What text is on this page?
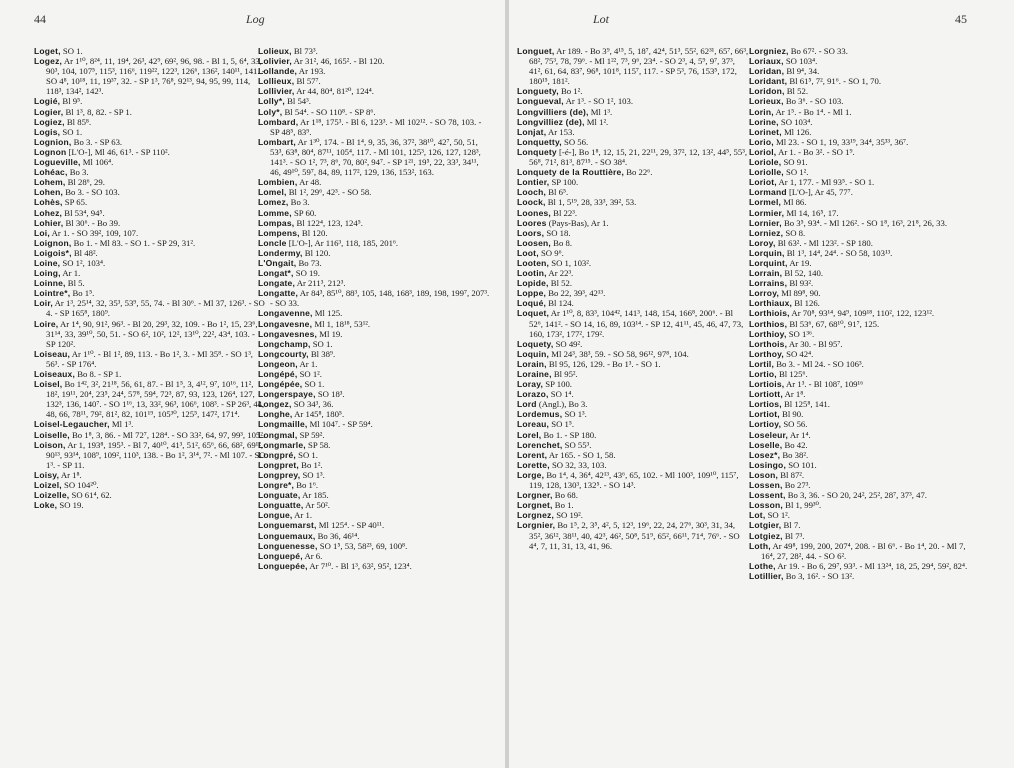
44	Log
Loget, SO 1.
Logez, Ar 1¹⁰, 8²⁴, 11, 19⁴, 26³, 42⁹, 69², 96, 98. - Bl 1, 5, 6⁴, 33, 90³, 104, 107⁵, 115³, 116⁶, 119²², 122³, 126⁶, 136², 140¹¹, 141. - SO 4⁸, 10¹⁸, 11, 19³⁷, 32. - SP 1³, 76⁸, 92¹³, 94, 95, 99, 114, 118³, 134², 142³.
Logié, Bl 9⁵.
Logier, Bl 1³, 8, 82. - SP 1.
Logiez, Bl 85⁸.
Logis, SO 1.
Lognion, Bo 3. - SP 63.
Lognon [L'O-], Ml 46, 61³. - SP 110².
Logueville, Ml 106⁴.
Lohéac, Bo 3.
Lohem, Bl 28⁶, 29.
Lohen, Bo 3. - SO 103.
Lohès, SP 65.
Lohez, Bl 53⁴, 94⁵.
Lohier, Bl 30⁶. - Bo 39.
Loi, Ar 1. - SO 39², 109, 107.
Loignon, Bo 1. - Ml 83. - SO 1. - SP 29, 31².
Loigois*, Bl 48².
Loine, SO 1², 103⁴.
Loing, Ar 1.
Loinne, Bl 5.
Lointre*, Bo 1⁵.
Loir, Ar 1³, 25¹⁴, 32, 35³, 53⁹, 55, 74. - Bl 30⁶. - Ml 37, 126³. - SO 4. - SP 165⁸, 180⁹.
Loire, Ar 1⁴, 90, 91², 96³. - Bl 20, 29³, 32, 109. - Bo 1², 15, 23⁶, 31¹⁴, 33, 39¹⁰, 50, 51. - SO 6², 10², 12², 13¹⁰, 22², 43⁴, 103. - SP 120².
Loiseau, Ar 1¹⁰. - Bl 1², 89, 113. - Bo 1², 3. - Ml 35⁸. - SO 1³, 56³. - SP 176⁴.
Loiseaux, Bo 8. - SP 1.
Loisel, Bo 1⁴², 3², 21¹⁸, 56, 61, 87. - Bl 1⁵, 3, 4¹², 9⁷, 10¹⁶, 11², 18², 19¹¹, 20⁴, 23⁵, 24⁴, 57⁸, 59⁴, 72³, 87, 93, 123, 126⁴, 127, 132³, 136, 140⁷. - SO 1¹⁶, 13, 33², 96³, 106⁶, 108³. - SP 26³, 44, 48, 66, 78¹¹, 79², 81², 82, 101¹⁹, 105³⁰, 125⁵, 147², 171⁴.
Loisel-Legaucher, Ml 1³.
Loiselle, Bo 1⁸, 3, 86. - Ml 72⁷, 128⁴. - SO 33², 64, 97, 99³, 105².
Loison, Ar 1, 193⁸, 195³. - Bl 7, 40¹⁰, 41³, 51², 65⁶, 66, 68², 69¹², 90¹³, 93¹⁴, 108⁹, 109², 110³, 138. - Bo 1², 3¹⁴, 7². - Ml 107. - SO 1³. - SP 11.
Loisy, Ar 1⁸.
Loizel, SO 104²⁰.
Loizelle, SO 61⁴, 62.
Loke, SO 19.
Lolieux, Bl 73³.
Lolivier, Ar 31², 46, 165². - Bl 120.
Lollande, Ar 193.
Lollieux, Bl 57⁷.
Lollivier, Ar 44, 80⁴, 81²⁰, 124⁴.
Lolly*, Bl 54³.
Loly*, Bl 54⁴. - SO 110⁸. - SP 8⁶.
Lombard, Ar 1¹⁸, 175³. - Bl 6, 123³. - Ml 102¹². - SO 78, 103. - SP 48⁵, 83⁹.
Lombart, Ar 1³⁰, 174. - Bl 1⁴, 9, 35, 36, 37², 38¹⁰, 42⁷, 50, 51, 53³, 63⁸, 80⁴, 87¹¹, 105⁴, 117. - Ml 101, 125³, 126, 127, 128³, 141³. - SO 1², 7³, 8⁶, 70, 80², 94⁷. - SP 1²¹, 19⁵, 22, 33³, 34¹¹, 46, 49¹⁰, 59⁷, 84, 89, 117², 129, 136, 153², 163.
Lombien, Ar 48.
Lomel, Bl 1², 29⁶, 42³. - SO 58.
Lomez, Bo 3.
Lomme, SP 60.
Lompas, Bl 122⁴, 123, 124⁵.
Lompens, Bl 120.
Loncle [L'O-], Ar 116³, 118, 185, 201⁶.
Londermy, Bl 120.
L'Ongait, Bo 73.
Longat*, SO 19.
Longate, Ar 211³, 212³.
Longatte, Ar 84³, 85¹⁰, 88³, 105, 148, 168³, 189, 198, 199⁷, 207³. - SO 33.
Longavenne, Ml 125.
Longavesne, Ml 1, 18¹⁸, 53¹².
Longavesnes, Ml 19.
Longchamp, SO 1.
Longcourty, Bl 38⁹.
Longeon, Ar 1.
Longépé, SO 1².
Longépée, SO 1.
Longerspaye, SO 18³.
Longez, SO 34³, 36.
Longhe, Ar 145⁸, 180⁵.
Longmaille, Ml 104⁷. - SP 59⁴.
Longmal, SP 59².
Longmarle, SP 58.
Longpré, SO 1.
Longpret, Bo 1².
Longprey, SO 1³.
Longre*, Bo 1⁶.
Longuate, Ar 185.
Longuatte, Ar 50².
Longue, Ar 1.
Longuemarst, Ml 125⁴. - SP 40¹¹.
Longuemaux, Bo 36, 46¹⁴.
Longuenesse, SO 1⁵, 53, 58²³, 69, 100⁸.
Longuepé, Ar 6.
Longuepée, Ar 7¹⁰. - Bl 1³, 63², 95², 123⁴.
Lot	45
Longuet, Ar 189. - Bo 3⁹, 4¹⁵, 5, 18⁷, 42⁴, 51³, 55², 62³¹, 65⁷, 66³, 68², 75³, 78, 79⁶. - Ml 1²², 7³, 9⁶, 23⁴. - SO 2³, 4, 5⁹, 9⁷, 37³, 41², 61, 64, 83⁷, 96⁸, 101⁸, 115⁷, 117. - SP 5³, 76, 153⁵, 172, 180¹⁵, 181².
Longuety, Bo 1².
Longueval, Ar 1³. - SO 1², 103.
Longvilliers (de), Ml 1³.
Longvilliez (de), Ml 1².
Lonjat, Ar 153.
Lonquetty, SO 56.
Lonquety [-é-], Bo 1⁸, 12, 15, 21, 22¹¹, 29, 37², 12, 13², 44⁵, 55³, 56⁸, 71², 81³, 87¹⁵. - SO 38⁴.
Lonquety de la Routtière, Bo 22⁶.
Lontier, SP 100.
Looch, Bl 6⁵.
Loock, Bl 1, 5¹⁹, 28, 33³, 39², 53.
Loones, Bl 22³.
Loores (Pays-Bas), Ar 1.
Loors, SO 18.
Loosen, Bo 8.
Loot, SO 9⁶.
Looten, SO 1, 103².
Lootin, Ar 22³.
Lopide, Bl 52.
Loppe, Bo 22, 39³, 42¹³.
Loqué, Bl 124.
Loquet, Ar 1¹⁰, 8, 83³, 104⁴², 141³, 148, 154, 166⁸, 200⁶. - Bl 52⁶, 141². - SO 14, 16, 89, 103¹⁴. - SP 12, 41¹¹, 45, 46, 47, 73, 160, 173², 177², 179².
Loquety, SO 49².
Loquin, Ml 24³, 38³, 59. - SO 58, 96¹², 97⁸, 104.
Lorain, Bl 95, 126, 129. - Bo 1³. - SO 1.
Loraine, Bl 95².
Loray, SP 100.
Lorazo, SO 1⁴.
Lord (Angl.), Bo 3.
Lordemus, SO 1³.
Loreau, SO 1⁵.
Lorel, Bo 1. - SP 180.
Lorenchet, SO 55³.
Lorent, Ar 165. - SO 1, 58.
Lorette, SO 32, 33, 103.
Lorge, Bo 1⁴, 4, 36⁴, 42¹³, 43⁶, 65, 102. - Ml 100³, 109¹⁰, 115⁷, 119, 128, 130³, 132⁵. - SO 14³.
Lorgner, Bo 68.
Lorgnet, Bo 1.
Lorgnez, SO 19².
Lorgnier, Bo 1⁵, 2, 3⁵, 4², 5, 12³, 19⁶, 22, 24, 27⁶, 30³, 31, 34, 35², 36¹², 38¹¹, 40, 42³, 46², 50⁸, 51⁹, 65², 66¹¹, 71⁴, 76⁶. - SO 4⁴, 7, 11, 31, 13, 41, 96.
Lorgniez, Bo 67². - SO 33.
Loriaux, SO 103⁴.
Loridan, Bl 9⁴, 34.
Loridant, Bl 61⁵, 7², 91⁶. - SO 1, 70.
Loridon, Bl 52.
Lorieux, Bo 3⁶. - SO 103.
Lorin, Ar 1⁵. - Bo 1⁴. - Ml 1.
Lorine, SO 103⁴.
Lorinet, Ml 126.
Lorio, Ml 23. - SO 1, 19, 33¹⁹, 34⁴, 35³³, 36⁷.
Loriol, Ar 1. - Bo 3². - SO 1⁹.
Loriole, SO 91.
Loriolle, SO 1².
Loriot, Ar 1, 177. - Ml 93⁵. - SO 1.
Lormand [L'O-], Ar 45, 77⁷.
Lormel, Ml 86.
Lormier, Ml 14, 16⁵, 17.
Lornier, Bo 3⁵, 93⁴. - Ml 126². - SO 1⁸, 16³, 21⁸, 26, 33.
Lorniez, SO 8.
Loroy, Bl 63². - Ml 123². - SP 180.
Lorquin, Bl 1³, 14⁴, 24⁴. - SO 58, 103¹³.
Lorquint, Ar 19.
Lorrain, Bl 52, 140.
Lorrains, Bl 93².
Lorroy, Ml 89⁸, 90.
Lorthiaux, Bl 126.
Lorthiois, Ar 70⁸, 93¹⁴, 94⁹, 109¹⁸, 110², 122, 123¹².
Lorthios, Bl 53⁶, 67, 68¹⁰, 91⁷, 125.
Lorthioy, SO 1³⁶.
Lorthois, Ar 30. - Bl 95⁷.
Lorthoy, SO 42⁴.
Lortil, Bo 3. - Ml 24. - SO 106³.
Lortio, Bl 125⁶.
Lortiois, Ar 1³. - Bl 108⁷, 109¹⁶
Lortiott, Ar 1⁸.
Lortios, Bl 125⁸, 141.
Lortiot, Bl 90.
Lortioy, SO 56.
Loseleur, Ar 1⁴.
Loselle, Bo 42.
Losez*, Bo 38².
Losingo, SO 101.
Loson, Bl 87².
Lossen, Bo 27³.
Lossent, Bo 3, 36. - SO 20, 24², 25², 28⁷, 37³, 47.
Losson, Bl 1, 99³⁰.
Lot, SO 1².
Lotgier, Bl 7.
Lotgiez, Bl 7³.
Loth, Ar 49⁸, 199, 200, 207⁴, 208. - Bl 6⁶. - Bo 1⁴, 20. - Ml 7, 16⁴, 27, 28², 44. - SO 6².
Lothe, Ar 19. - Bo 6, 29⁷, 93³. - Ml 13²⁴, 18, 25, 29⁴, 59², 82⁴.
Lotillier, Bo 3, 16². - SO 13².
